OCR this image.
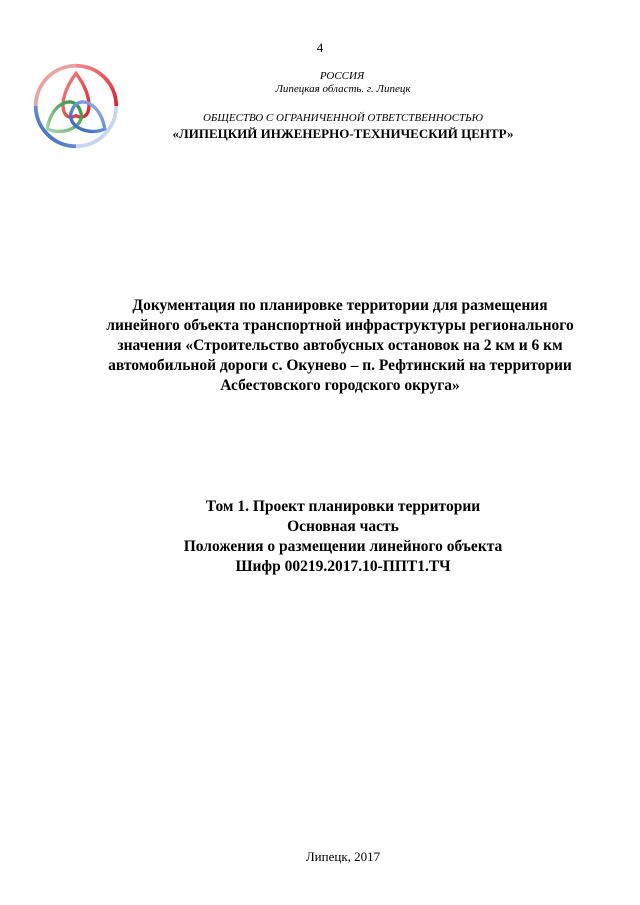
4
РОССИЯ
Липецкая область. г. Липецк
ОБЩЕСТВО С ОГРАНИЧЕННОЙ ОТВЕТСТВЕННОСТЬЮ
«ЛИПЕЦКИЙ ИНЖЕНЕРНО-ТЕХНИЧЕСКИЙ ЦЕНТР»
Документация по планировке территории для размещения
линейного объекта транспортной инфраструктуры регионального
значения «Строительство автобусных остановок на 2 км и 6 км
автомобильной дороги с. Окунево – п. Рефтинский на территории
Асбестовского городского округа»
Том 1. Проект планировки территории
Основная часть
Положения о размещении линейного объекта
Шифр 00219.2017.10-ППТ1.ТЧ
Липецк, 2017
